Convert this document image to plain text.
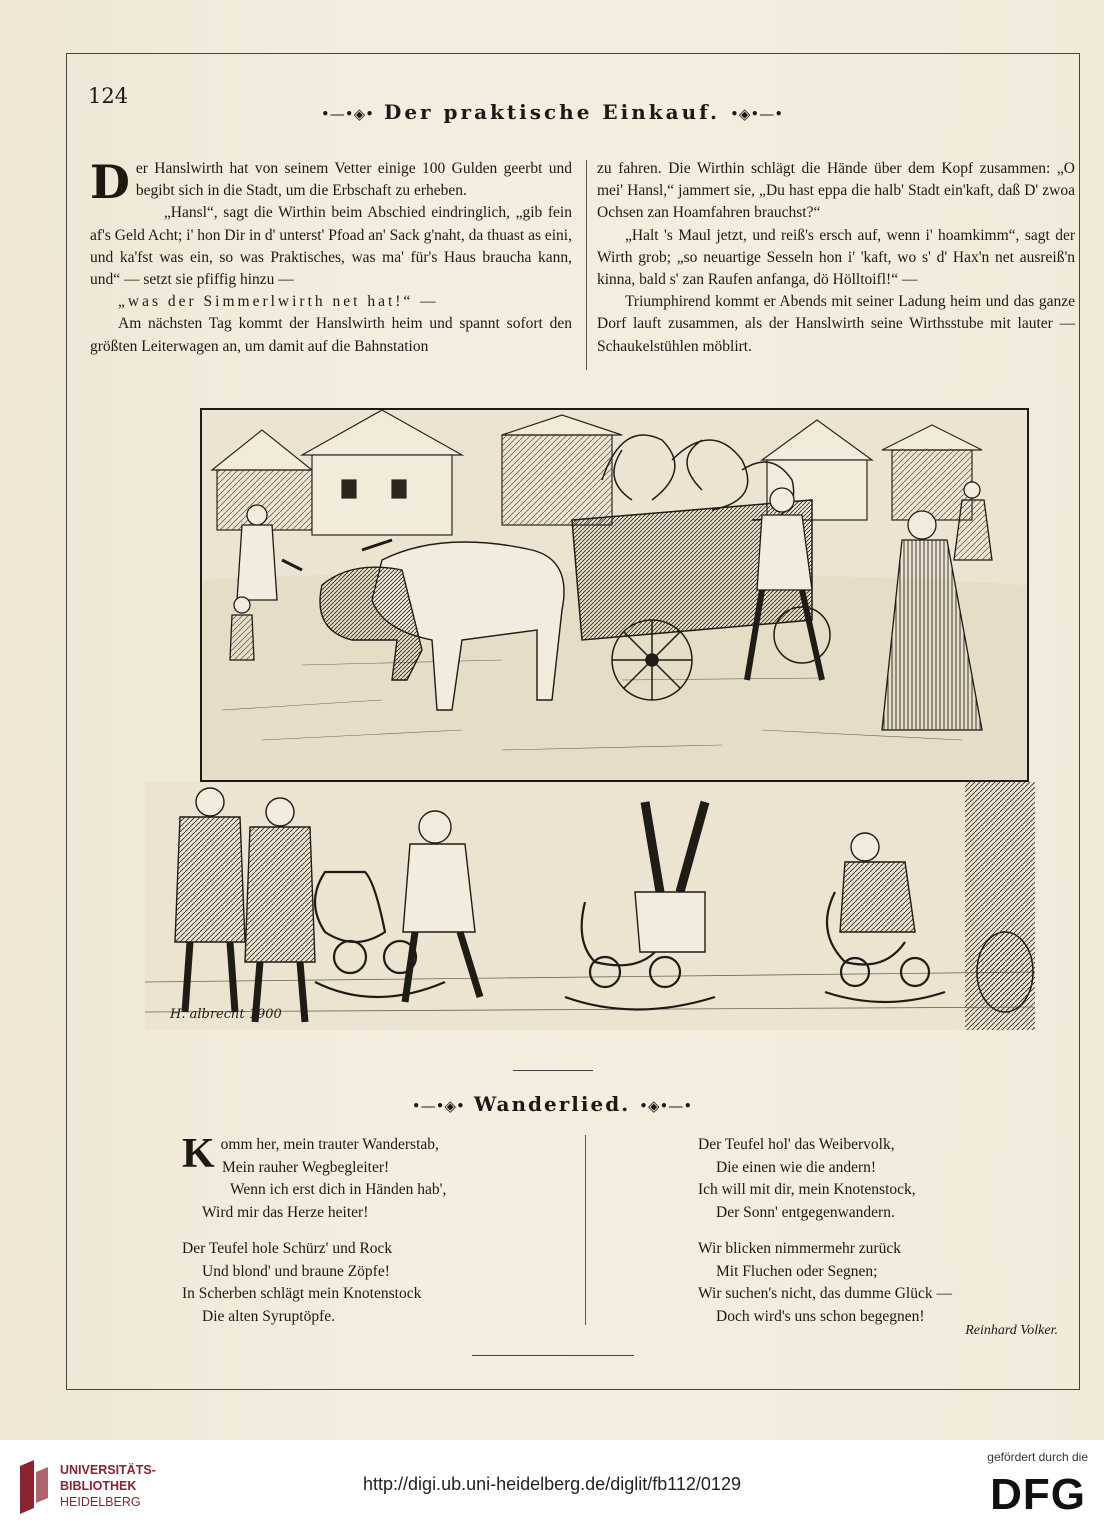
124
•—•◈• Der praktische Einkauf. •◈•—•

Der Hanslwirth hat von seinem Vetter einige 100 Gulden geerbt und begibt sich in die Stadt, um die Erbschaft zu erheben.

„Hansl“, sagt die Wirthin beim Abschied eindringlich, „gib fein af's Geld Acht; i' hon Dir in d' unterst' Pfoad an' Sack g'naht, da thuast as eini, und ka'fst was ein, so was Praktisches, was ma' für's Haus braucha kann, und“ — setzt sie pfiffig hinzu —

„was der Simmerlwirth net hat!“ —

Am nächsten Tag kommt der Hanslwirth heim und spannt sofort den größten Leiterwagen an, um damit auf die Bahnstation

zu fahren. Die Wirthin schlägt die Hände über dem Kopf zusammen: „O mei' Hansl,“ jammert sie, „Du hast eppa die halb' Stadt ein'kaft, daß D' zwoa Ochsen zan Hoamfahren brauchst?“

„Halt 's Maul jetzt, und reiß's ersch auf, wenn i' hoamkimm“, sagt der Wirth grob; „so neuartige Sesseln hon i' 'kaft, wo s' d' Hax'n net ausreiß'n kinna, bald s' zan Raufen anfanga, dö Hölltoifl!“ —

Triumphirend kommt er Abends mit seiner Ladung heim und das ganze Dorf lauft zusammen, als der Hanslwirth seine Wirthsstube mit lauter — Schaukelstühlen möblirt.

H. albrecht 1900
•—•◈• Wanderlied. •◈•—•
Komm her, mein trauter Wanderstab,
Mein rauher Wegbegleiter!
Wenn ich erst dich in Händen hab',
Wird mir das Herze heiter!
Der Teufel hole Schürz' und Rock
Und blond' und braune Zöpfe!
In Scherben schlägt mein Knotenstock
Die alten Syruptöpfe.
Der Teufel hol' das Weibervolk,
Die einen wie die andern!
Ich will mit dir, mein Knotenstock,
Der Sonn' entgegenwandern.
Wir blicken nimmermehr zurück
Mit Fluchen oder Segnen;
Wir suchen's nicht, das dumme Glück —
Doch wird's uns schon begegnen!
Reinhard Volker.
UNIVERSITÄTS-
BIBLIOTHEK
HEIDELBERG
http://digi.ub.uni-heidelberg.de/diglit/fb112/0129
gefördert durch die
DFG
